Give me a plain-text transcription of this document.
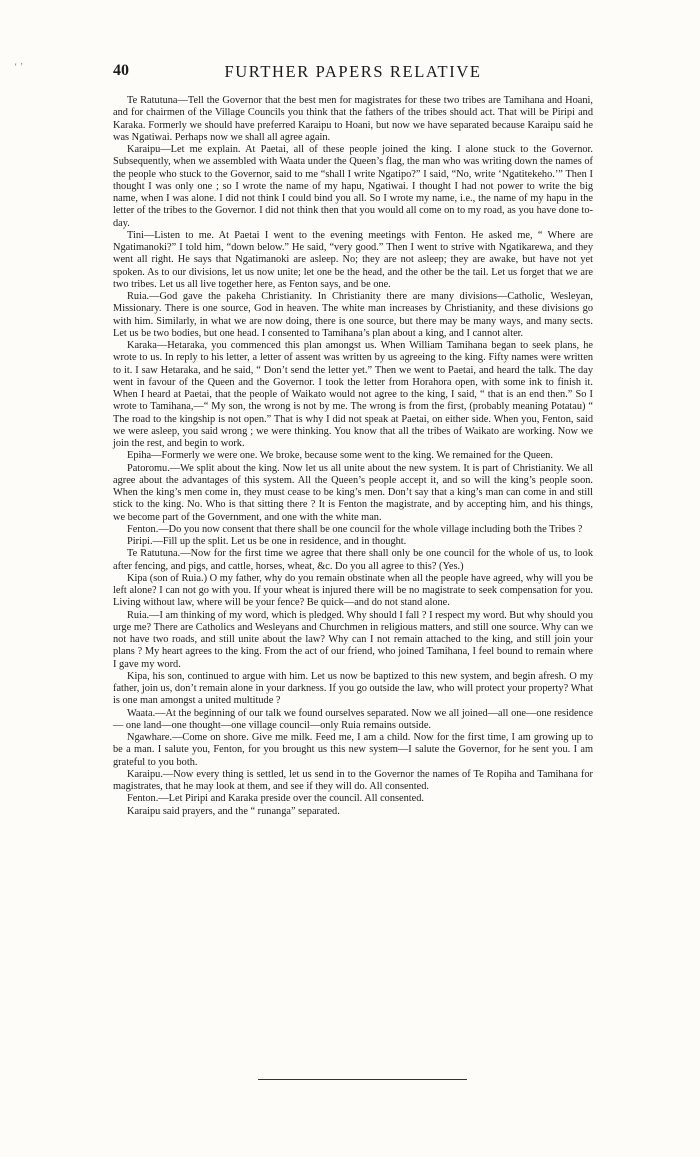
‘ ’	40	FURTHER PAPERS RELATIVE

Te Ratutuna—Tell the Governor that the best men for magistrates for these two tribes are Tamihana and Hoani, and for chairmen of the Village Councils you think that the fathers of the tribes should act. That will be Piripi and Karaka. Formerly we should have preferred Karaipu to Hoani, but now we have separated because Karaipu said he was Ngatiwai. Perhaps now we shall all agree again.

Karaipu—Let me explain. At Paetai, all of these people joined the king. I alone stuck to the Governor. Subsequently, when we assembled with Waata under the Queen’s flag, the man who was writing down the names of the people who stuck to the Governor, said to me “shall I write Ngatipo?” I said, “No, write ‘Ngatitekeho.’” Then I thought I was only one ; so I wrote the name of my hapu, Ngatiwai. I thought I had not power to write the big name, when I was alone. I did not think I could bind you all. So I wrote my name, i.e., the name of my hapu in the letter of the tribes to the Governor. I did not think then that you would all come on to my road, as you have done to-day.

Tini—Listen to me. At Paetai I went to the evening meetings with Fenton. He asked me, “ Where are Ngatimanoki?” I told him, “down below.” He said, “very good.” Then I went to strive with Ngatikarewa, and they went all right. He says that Ngatimanoki are asleep. No; they are not asleep; they are awake, but have not yet spoken. As to our divisions, let us now unite; let one be the head, and the other be the tail. Let us forget that we are two tribes. Let us all live together here, as Fenton says, and be one.

Ruia.—God gave the pakeha Christianity. In Christianity there are many divisions—Catholic, Wesleyan, Missionary. There is one source, God in heaven. The white man increases by Christianity, and these divisions go with him. Similarly, in what we are now doing, there is one source, but there may be many ways, and many sects. Let us be two bodies, but one head. I consented to Tamihana’s plan about a king, and I cannot alter.

Karaka—Hetaraka, you commenced this plan amongst us. When William Tamihana began to seek plans, he wrote to us. In reply to his letter, a letter of assent was written by us agreeing to the king. Fifty names were written to it. I saw Hetaraka, and he said, “ Don’t send the letter yet.” Then we went to Paetai, and heard the talk. The day went in favour of the Queen and the Governor. I took the letter from Horahora open, with some ink to finish it. When I heard at Paetai, that the people of Waikato would not agree to the king, I said, “ that is an end then.” So I wrote to Tamihana,—“ My son, the wrong is not by me. The wrong is from the first, (probably meaning Potatau) “ The road to the kingship is not open.” That is why I did not speak at Paetai, on either side. When you, Fenton, said we were asleep, you said wrong ; we were thinking. You know that all the tribes of Waikato are working. Now we join the rest, and begin to work.

Epiha—Formerly we were one. We broke, because some went to the king. We remained for the Queen.

Patoromu.—We split about the king. Now let us all unite about the new system. It is part of Christianity. We all agree about the advantages of this system. All the Queen’s people accept it, and so will the king’s people soon. When the king’s men come in, they must cease to be king’s men. Don’t say that a king’s man can come in and still stick to the king. No. Who is that sitting there ? It is Fenton the magistrate, and by accepting him, and his things, we become part of the Government, and one with the white man.

Fenton.—Do you now consent that there shall be one council for the whole village including both the Tribes ?

Piripi.—Fill up the split. Let us be one in residence, and in thought.

Te Ratutuna.—Now for the first time we agree that there shall only be one council for the whole of us, to look after fencing, and pigs, and cattle, horses, wheat, &c. Do you all agree to this? (Yes.)

Kipa (son of Ruia.) O my father, why do you remain obstinate when all the people have agreed, why will you be left alone? I can not go with you. If your wheat is injured there will be no magistrate to seek compensation for you. Living without law, where will be your fence? Be quick—and do not stand alone.

Ruia.—I am thinking of my word, which is pledged. Why should I fall ? I respect my word. But why should you urge me? There are Catholics and Wesleyans and Churchmen in religious matters, and still one source. Why can we not have two roads, and still unite about the law? Why can I not remain attached to the king, and still join your plans ? My heart agrees to the king. From the act of our friend, who joined Tamihana, I feel bound to remain where I gave my word.

Kipa, his son, continued to argue with him. Let us now be baptized to this new system, and begin afresh. O my father, join us, don’t remain alone in your darkness. If you go outside the law, who will protect your property? What is one man amongst a united multitude ?

Waata.—At the beginning of our talk we found ourselves separated. Now we all joined—all one—one residence— one land—one thought—one village council—only Ruia remains outside.

Ngawhare.—Come on shore. Give me milk. Feed me, I am a child. Now for the first time, I am growing up to be a man. I salute you, Fenton, for you brought us this new system—I salute the Governor, for he sent you. I am grateful to you both.

Karaipu.—Now every thing is settled, let us send in to the Governor the names of Te Ropiha and Tamihana for magistrates, that he may look at them, and see if they will do. All consented.

Fenton.—Let Piripi and Karaka preside over the council. All consented.

Karaipu said prayers, and the “ runanga” separated.
